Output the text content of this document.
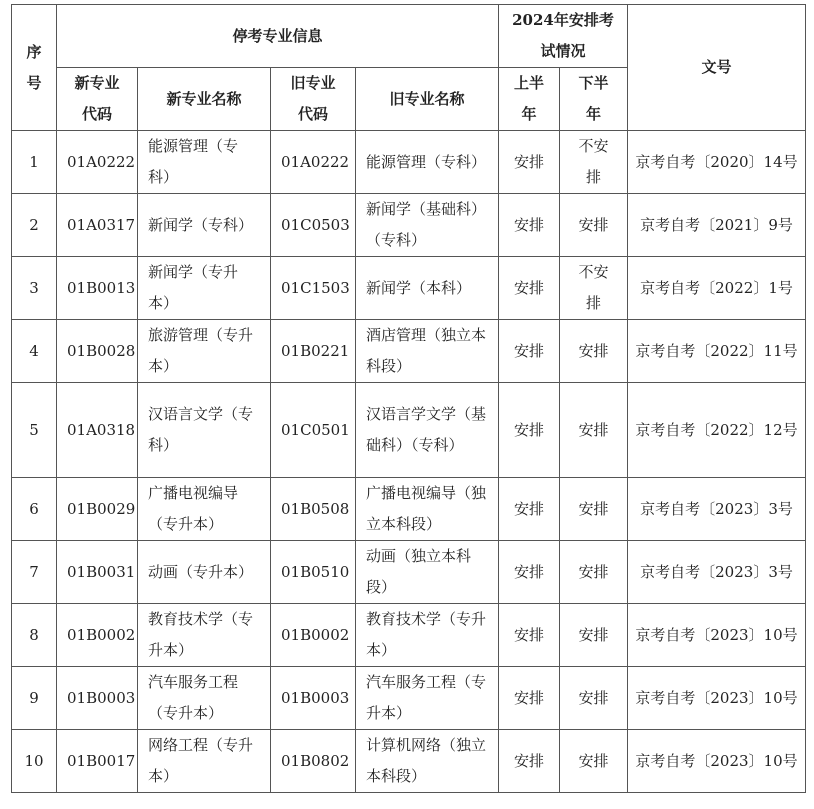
序号	停考专业信息				2024年安排考试情况		文号

	新专业代码	新专业名称	旧专业代码	旧专业名称	上半年	下半年	

1	01A0222	能源管理（专科）	01A0222	能源管理（专科）	安排	不安排	京考自考〔2020〕14号
2	01A0317	新闻学（专科）	01C0503	新闻学（基础科）（专科）	安排	安排	京考自考〔2021〕9号
3	01B0013	新闻学（专升本）	01C1503	新闻学（本科）	安排	不安排	京考自考〔2022〕1号
4	01B0028	旅游管理（专升本）	01B0221	酒店管理（独立本科段）	安排	安排	京考自考〔2022〕11号
5	01A0318	汉语言文学（专科）	01C0501	汉语言学文学（基础科）（专科）	安排	安排	京考自考〔2022〕12号
6	01B0029	广播电视编导（专升本）	01B0508	广播电视编导（独立本科段）	安排	安排	京考自考〔2023〕3号
7	01B0031	动画（专升本）	01B0510	动画（独立本科段）	安排	安排	京考自考〔2023〕3号
8	01B0002	教育技术学（专升本）	01B0002	教育技术学（专升本）	安排	安排	京考自考〔2023〕10号
9	01B0003	汽车服务工程（专升本）	01B0003	汽车服务工程（专升本）	安排	安排	京考自考〔2023〕10号
10	01B0017	网络工程（专升本）	01B0802	计算机网络（独立本科段）	安排	安排	京考自考〔2023〕10号
